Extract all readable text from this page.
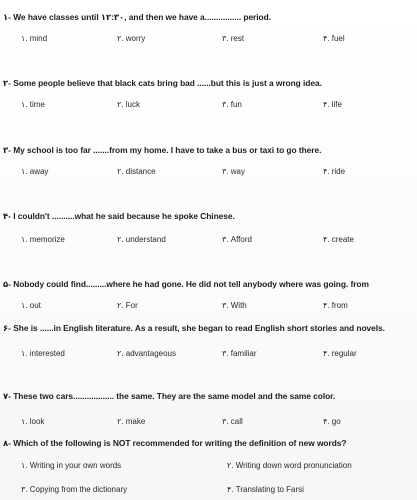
۱- We have classes until ۱۲:۳۰, and then we have a................ period.
۱. mind	۲. worry	۳. rest	۴. fuel
۲- Some people believe that black cats bring bad ......but this is just a wrong idea.
۱. time	۲. luck	۳. fun	۴. life
۳- My school is too far .......from my home. I have to take a bus or taxi to go there.
۱. away	۲. distance	۳. way	۴. ride
۴- I couldn't ..........what he said because he spoke Chinese.
۱. memorize	۲. understand	۳. Afford	۴. create
۵- Nobody could find.........where he had gone. He did not tell anybody where was going. from
۱. out	۲. For	۳. With	۴. from
۶- She is ......in English literature. As a result, she began to read English short stories and novels.
۱. interested	۲. advantageous	۳. familiar	۴. regular
۷- These two cars.................. the same. They are the same model and the same color.
۱. look	۲. make	۳. call	۴. go
۸- Which of the following is NOT recommended for writing the definition of new words?
۱. Writing in your own words	۲. Writing down word pronunciation
۳. Copying from the dictionary	۴. Translating to Farsi
